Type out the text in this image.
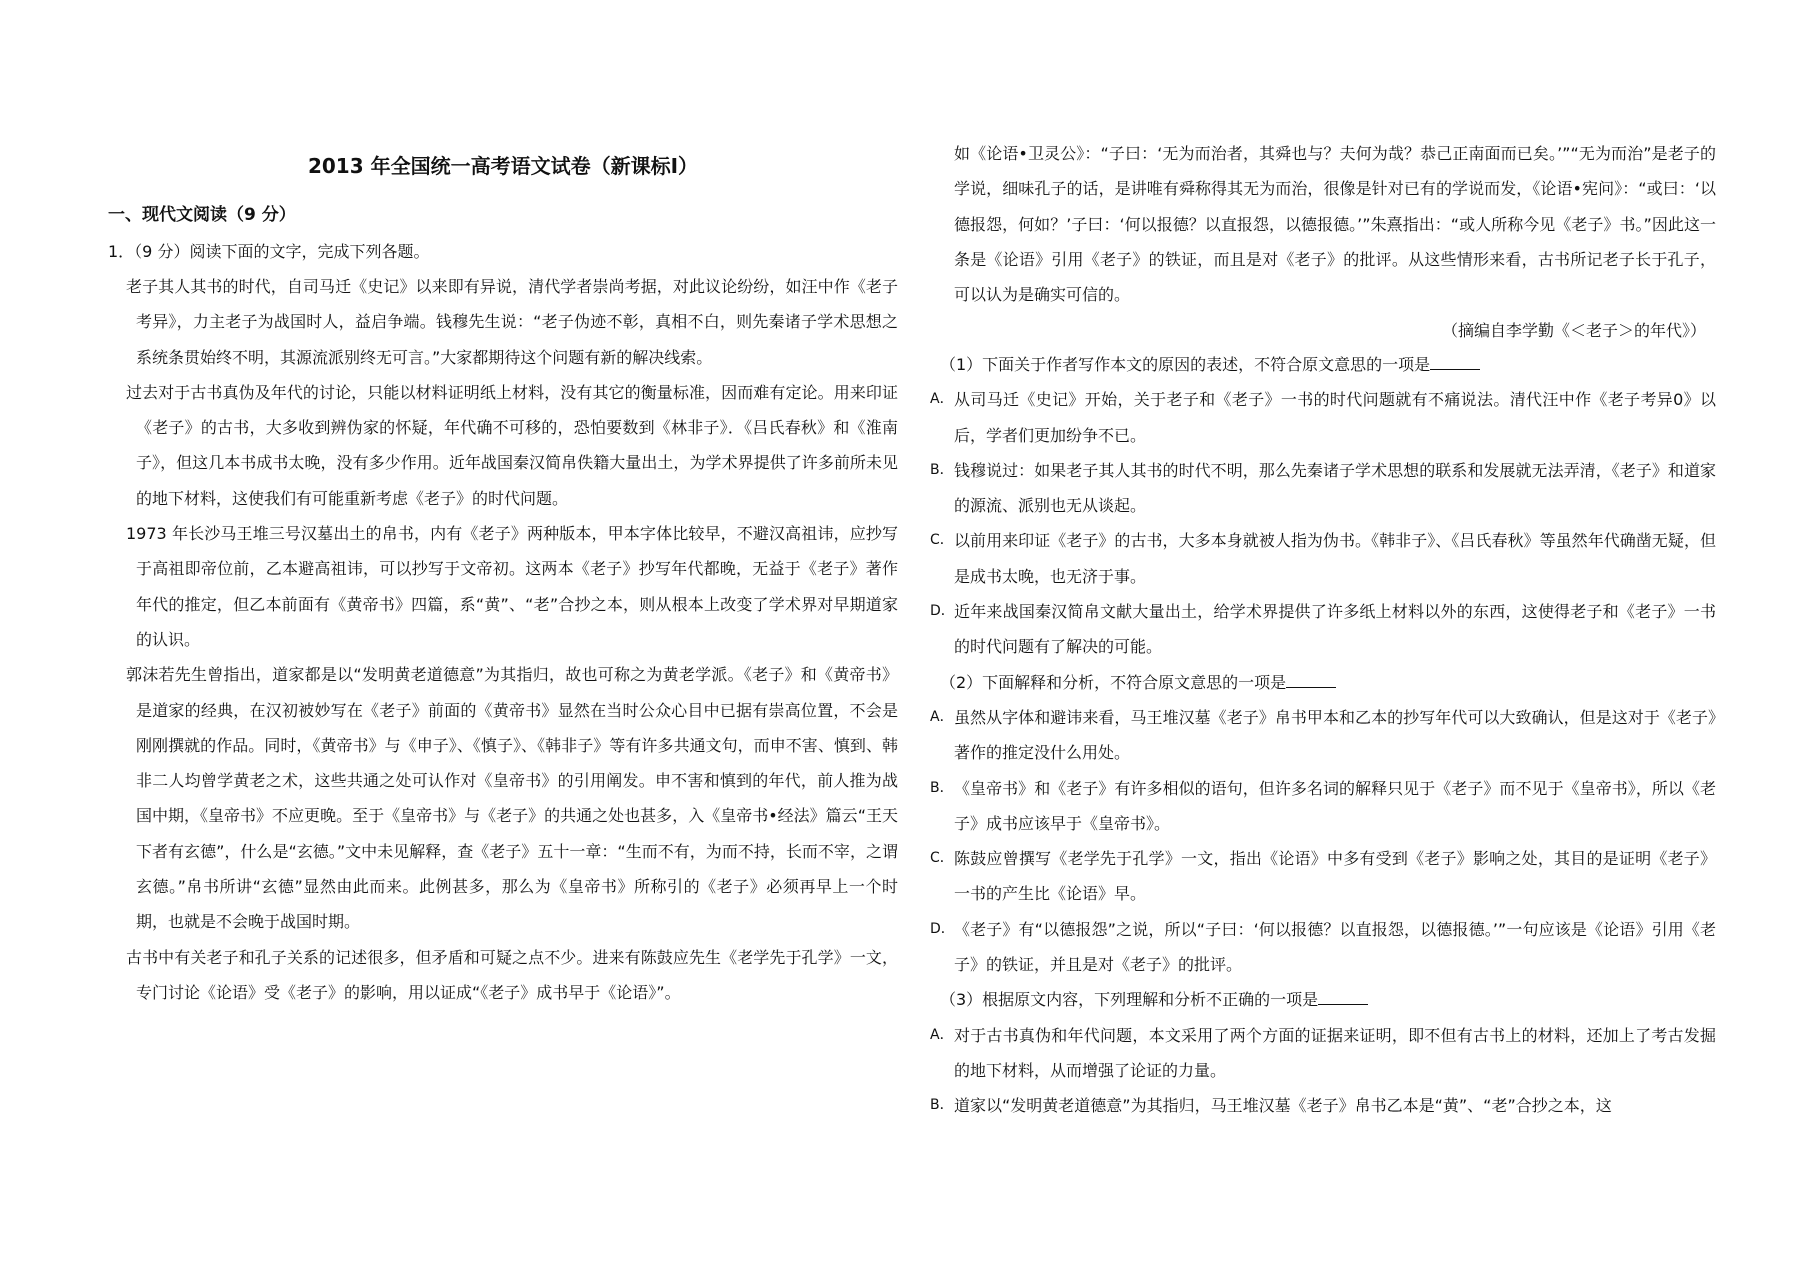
2013 年全国统一高考语文试卷（新课标Ⅰ）
一、现代文阅读（9 分）
1．（9 分）阅读下面的文字，完成下列各题。

老子其人其书的时代，自司马迁《史记》以来即有异说，清代学者崇尚考据，对此议论纷纷，如汪中作《老子考异》，力主老子为战国时人，益启争端。钱穆先生说：“老子伪迹不彰，真相不白，则先秦诸子学术思想之系统条贯始终不明，其源流派别终无可言。”大家都期待这个问题有新的解决线索。

过去对于古书真伪及年代的讨论，只能以材料证明纸上材料，没有其它的衡量标准，因而难有定论。用来印证《老子》的古书，大多收到辨伪家的怀疑，年代确不可移的，恐怕要数到《林非子》．《吕氏春秋》和《淮南子》，但这几本书成书太晚，没有多少作用。近年战国秦汉简帛佚籍大量出土，为学术界提供了许多前所未见的地下材料，这使我们有可能重新考虑《老子》的时代问题。

1973 年长沙马王堆三号汉墓出土的帛书，内有《老子》两种版本，甲本字体比较早，不避汉高祖讳，应抄写于高祖即帝位前，乙本避高祖讳，可以抄写于文帝初。这两本《老子》抄写年代都晚，无益于《老子》著作年代的推定，但乙本前面有《黄帝书》四篇，系“黄”、“老”合抄之本，则从根本上改变了学术界对早期道家的认识。

郭沫若先生曾指出，道家都是以“发明黄老道德意”为其指归，故也可称之为黄老学派。《老子》和《黄帝书》是道家的经典，在汉初被妙写在《老子》前面的《黄帝书》显然在当时公众心目中已据有崇高位置，不会是刚刚撰就的作品。同时，《黄帝书》与《申子》、《慎子》、《韩非子》等有许多共通文句，而申不害、慎到、韩非二人均曾学黄老之术，这些共通之处可认作对《皇帝书》的引用阐发。申不害和慎到的年代，前人推为战国中期，《皇帝书》不应更晚。至于《皇帝书》与《老子》的共通之处也甚多，入《皇帝书•经法》篇云“王天下者有玄德”，什么是“玄德。”文中未见解释，查《老子》五十一章：“生而不有，为而不持，长而不宰，之谓玄德。”帛书所讲“玄德”显然由此而来。此例甚多，那么为《皇帝书》所称引的《老子》必须再早上一个时期，也就是不会晚于战国时期。

古书中有关老子和孔子关系的记述很多，但矛盾和可疑之点不少。进来有陈鼓应先生《老学先于孔学》一文，专门讨论《论语》受《老子》的影响，用以证成“《老子》成书早于《论语》”。

如《论语•卫灵公》：“子曰：‘无为而治者，其舜也与？夫何为哉？恭己正南面而已矣。’”“无为而治”是老子的学说，细味孔子的话，是讲唯有舜称得其无为而治，很像是针对已有的学说而发，《论语•宪问》：“或曰：‘以德报怨，何如？’子曰：‘何以报德？以直报怨，以德报德。’”朱熹指出：“或人所称今见《老子》书。”因此这一条是《论语》引用《老子》的铁证，而且是对《老子》的批评。从这些情形来看，古书所记老子长于孔子，可以认为是确实可信的。

（摘编自李学勤《＜老子＞的年代》）

（1）下面关于作者写作本文的原因的表述，不符合原文意思的一项是

A． 从司马迁《史记》开始，关于老子和《老子》一书的时代问题就有不痛说法。清代汪中作《老子考异0》以后，学者们更加纷争不已。

B． 钱穆说过：如果老子其人其书的时代不明，那么先秦诸子学术思想的联系和发展就无法弄清，《老子》和道家的源流、派别也无从谈起。

C． 以前用来印证《老子》的古书，大多本身就被人指为伪书。《韩非子》、《吕氏春秋》等虽然年代确凿无疑，但是成书太晚，也无济于事。

D． 近年来战国秦汉简帛文献大量出土，给学术界提供了许多纸上材料以外的东西，这使得老子和《老子》一书的时代问题有了解决的可能。

（2）下面解释和分析，不符合原文意思的一项是

A． 虽然从字体和避讳来看，马王堆汉墓《老子》帛书甲本和乙本的抄写年代可以大致确认，但是这对于《老子》著作的推定没什么用处。

B． 《皇帝书》和《老子》有许多相似的语句，但许多名词的解释只见于《老子》而不见于《皇帝书》，所以《老子》成书应该早于《皇帝书》。

C． 陈鼓应曾撰写《老学先于孔学》一文，指出《论语》中多有受到《老子》影响之处，其目的是证明《老子》一书的产生比《论语》早。

D． 《老子》有“以德报怨”之说，所以“子曰：‘何以报德？以直报怨，以德报德。’”一句应该是《论语》引用《老子》的铁证，并且是对《老子》的批评。

（3）根据原文内容，下列理解和分析不正确的一项是

A． 对于古书真伪和年代问题，本文采用了两个方面的证据来证明，即不但有古书上的材料，还加上了考古发掘的地下材料，从而增强了论证的力量。

B． 道家以“发明黄老道德意”为其指归，马王堆汉墓《老子》帛书乙本是“黄”、“老”合抄之本，这
